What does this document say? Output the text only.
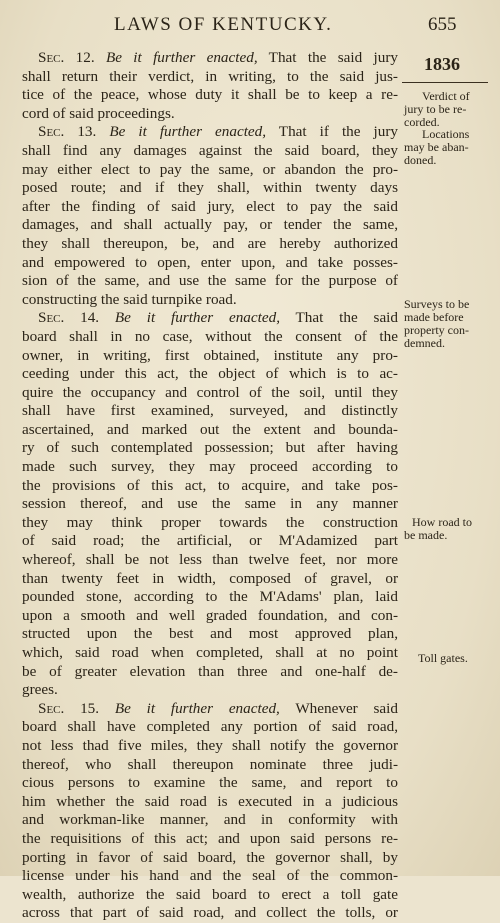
LAWS OF KENTUCKY.	655
1836
Sec. 12. Be it further enacted, That the said jury
shall return their verdict, in writing, to the said jus-
tice of the peace, whose duty it shall be to keep a re-
cord of said proceedings.
Sec. 13. Be it further enacted, That if the jury
shall find any damages against the said board, they
may either elect to pay the same, or abandon the pro-
posed route; and if they shall, within twenty days
after the finding of said jury, elect to pay the said
damages, and shall actually pay, or tender the same,
they shall thereupon, be, and are hereby authorized
and empowered to open, enter upon, and take posses-
sion of the same, and use the same for the purpose of
constructing the said turnpike road.
Sec. 14. Be it further enacted, That the said
board shall in no case, without the consent of the
owner, in writing, first obtained, institute any pro-
ceeding under this act, the object of which is to ac-
quire the occupancy and control of the soil, until they
shall have first examined, surveyed, and distinctly
ascertained, and marked out the extent and bounda-
ry of such contemplated possession; but after having
made such survey, they may proceed according to
the provisions of this act, to acquire, and take pos-
session thereof, and use the same in any manner
they may think proper towards the construction
of said road; the artificial, or M'Adamized part
whereof, shall be not less than twelve feet, nor more
than twenty feet in width, composed of gravel, or
pounded stone, according to the M'Adams' plan, laid
upon a smooth and well graded foundation, and con-
structed upon the best and most approved plan,
which, said road when completed, shall at no point
be of greater elevation than three and one-half de-
grees.
Sec. 15. Be it further enacted, Whenever said
board shall have completed any portion of said road,
not less thad five miles, they shall notify the governor
thereof, who shall thereupon nominate three judi-
cious persons to examine the same, and report to
him whether the said road is executed in a judicious
and workman-like manner, and in conformity with
the requisitions of this act; and upon said persons re-
porting in favor of said board, the governor shall, by
license under his hand and the seal of the common-
wealth, authorize the said board to erect a toll gate
across that part of said road, and collect the tolls, or
Verdict of
jury to be re-
corded.
Locations
may be aban-
doned.
Surveys to be
made before
property con-
demned.
How road to
be made.
Toll gates.
